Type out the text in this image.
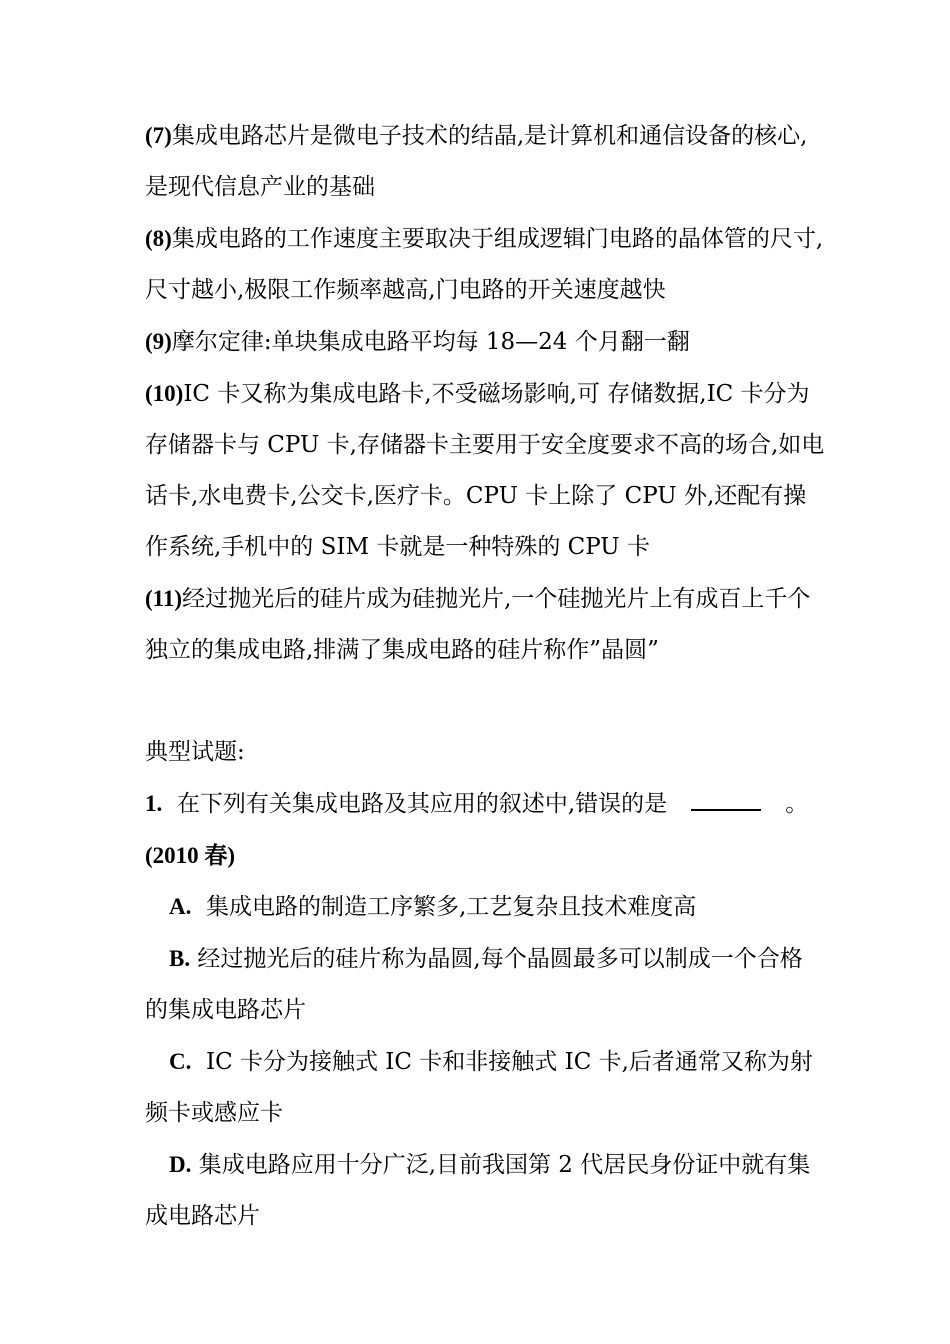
(7)集成电路芯片是微电子技术的结晶,是计算机和通信设备的核心,是现代信息产业的基础

(8)集成电路的工作速度主要取决于组成逻辑门电路的晶体管的尺寸,尺寸越小,极限工作频率越高,门电路的开关速度越快

(9)摩尔定律:单块集成电路平均每 18—24 个月翻一翻

(10)IC 卡又称为集成电路卡,不受磁场影响,可 存储数据,IC 卡分为存储器卡与 CPU 卡,存储器卡主要用于安全度要求不高的场合,如电话卡,水电费卡,公交卡,医疗卡。CPU 卡上除了 CPU 外,还配有操作系统,手机中的 SIM 卡就是一种特殊的 CPU 卡

(11)经过抛光后的硅片成为硅抛光片,一个硅抛光片上有成百上千个独立的集成电路,排满了集成电路的硅片称作”晶圆”

典型试题:

1. 在下列有关集成电路及其应用的叙述中,错误的是	。

(2010 春)

A. 集成电路的制造工序繁多,工艺复杂且技术难度高

B. 经过抛光后的硅片称为晶圆,每个晶圆最多可以制成一个合格的集成电路芯片

C. IC 卡分为接触式 IC 卡和非接触式 IC 卡,后者通常又称为射频卡或感应卡

D. 集成电路应用十分广泛,目前我国第 2 代居民身份证中就有集成电路芯片
